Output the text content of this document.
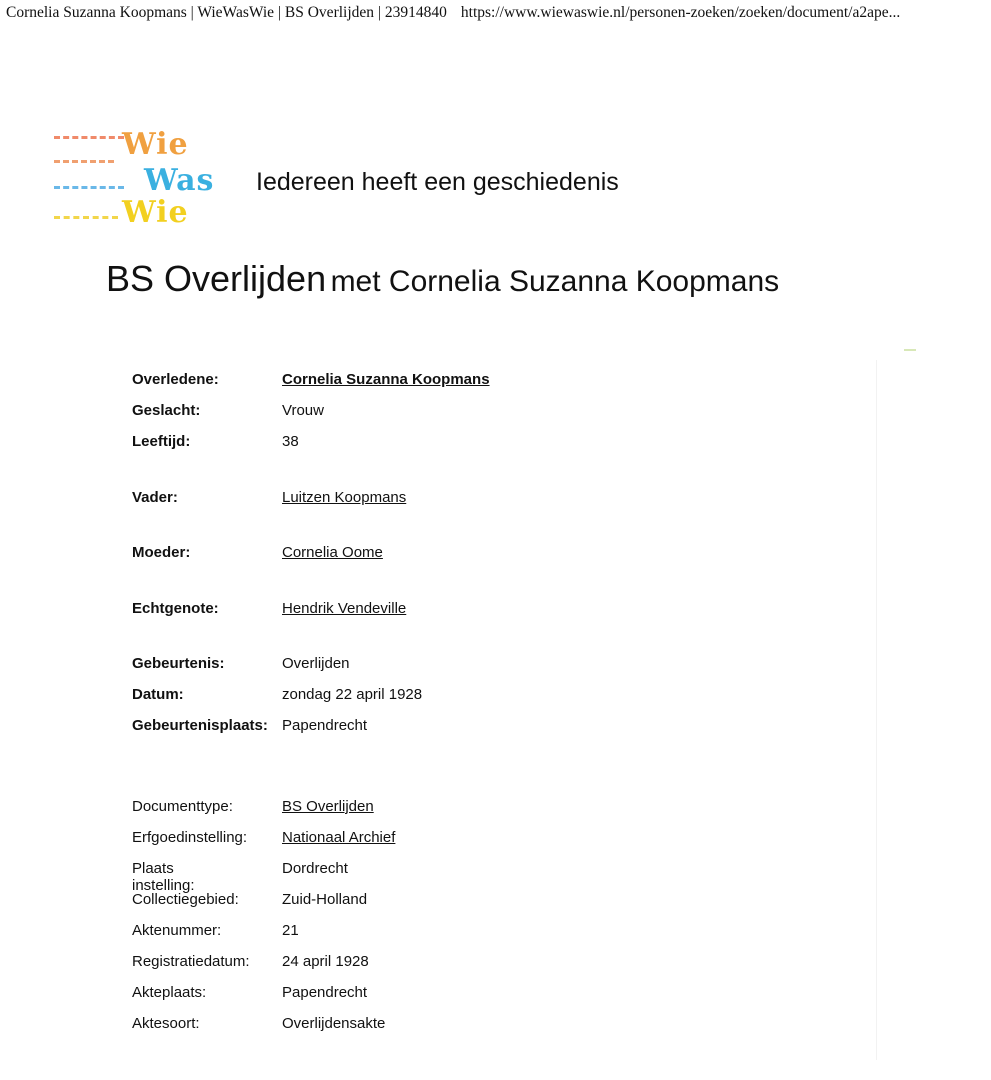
Cornelia Suzanna Koopmans | WieWasWie | BS Overlijden | 23914840 https://www.wiewaswie.nl/personen-zoeken/zoeken/document/a2ape...
Wie
Was
Wie
Iedereen heeft een geschiedenis
BS Overlijden met Cornelia Suzanna Koopmans
Overledene:	Cornelia Suzanna Koopmans
Geslacht:	Vrouw
Leeftijd:	38
Vader:	Luitzen Koopmans
Moeder:	Cornelia Oome
Echtgenote:	Hendrik Vendeville
Gebeurtenis:	Overlijden
Datum:	zondag 22 april 1928
Gebeurtenisplaats: Papendrecht
Documenttype:	BS Overlijden
Erfgoedinstelling: Nationaal Archief
Plaats instelling:
Dordrecht
Collectiegebied:	Zuid-Holland
Aktenummer:	21
Registratiedatum: 24 april 1928
Akteplaats:	Papendrecht
Aktesoort:	Overlijdensakte
